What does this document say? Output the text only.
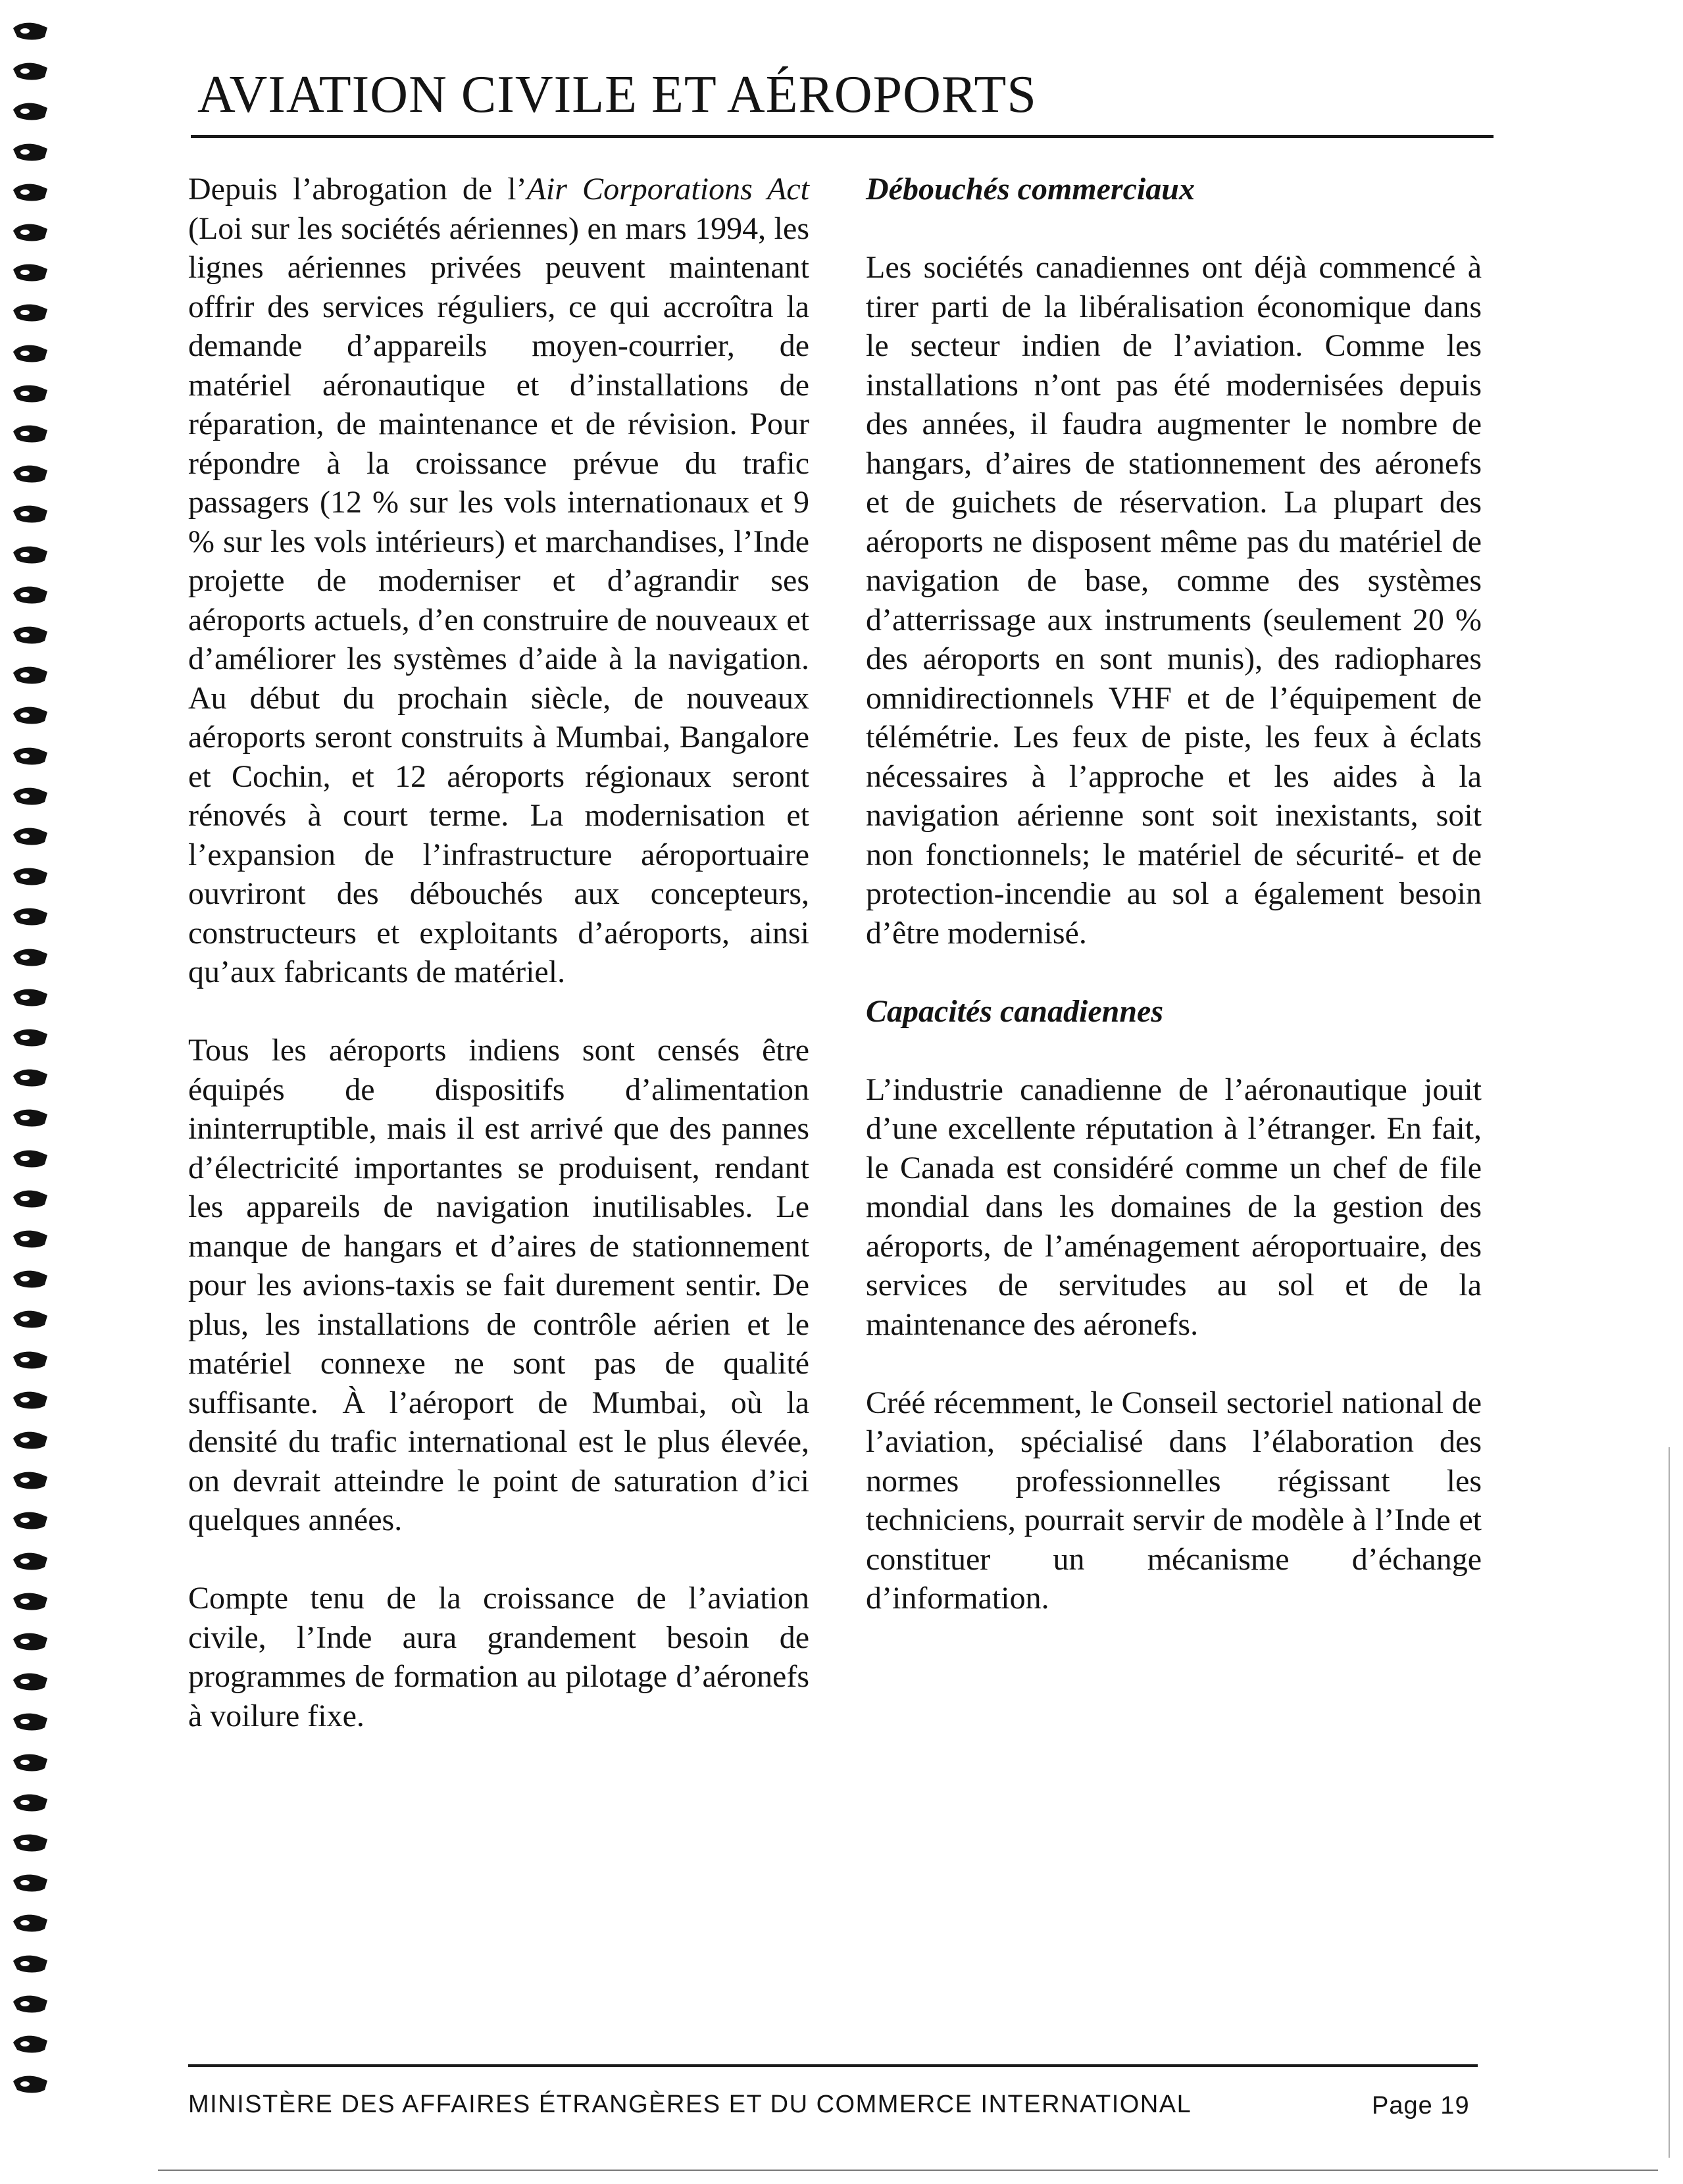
AVIATION CIVILE ET AÉROPORTS

Depuis l’abrogation de l’Air Corporations Act (Loi sur les sociétés aériennes) en mars 1994, les lignes aériennes privées peuvent maintenant offrir des services réguliers, ce qui accroîtra la demande d’appareils moyen-courrier, de matériel aéronautique et d’installations de réparation, de maintenance et de révision. Pour répondre à la croissance prévue du trafic passagers (12 % sur les vols internationaux et 9 % sur les vols intérieurs) et marchandises, l’Inde projette de moderniser et d’agrandir ses aéroports actuels, d’en construire de nouveaux et d’améliorer les systèmes d’aide à la navigation. Au début du prochain siècle, de nouveaux aéroports seront construits à Mumbai, Bangalore et Cochin, et 12 aéroports régionaux seront rénovés à court terme. La modernisation et l’expansion de l’infrastructure aéroportuaire ouvriront des débouchés aux concepteurs, constructeurs et exploitants d’aéroports, ainsi qu’aux fabricants de matériel.

Tous les aéroports indiens sont censés être équipés de dispositifs d’alimentation ininterruptible, mais il est arrivé que des pannes d’électricité importantes se produisent, rendant les appareils de navigation inutilisables. Le manque de hangars et d’aires de stationnement pour les avions-taxis se fait durement sentir. De plus, les installations de contrôle aérien et le matériel connexe ne sont pas de qualité suffisante. À l’aéroport de Mumbai, où la densité du trafic international est le plus élevée, on devrait atteindre le point de saturation d’ici quelques années.

Compte tenu de la croissance de l’aviation civile, l’Inde aura grandement besoin de programmes de formation au pilotage d’aéronefs à voilure fixe.

Débouchés commerciaux

Les sociétés canadiennes ont déjà commencé à tirer parti de la libéralisation économique dans le secteur indien de l’aviation. Comme les installations n’ont pas été modernisées depuis des années, il faudra augmenter le nombre de hangars, d’aires de stationnement des aéronefs et de guichets de réservation. La plupart des aéroports ne disposent même pas du matériel de navigation de base, comme des systèmes d’atterrissage aux instruments (seulement 20 % des aéroports en sont munis), des radiophares omnidirectionnels VHF et de l’équipement de télémétrie. Les feux de piste, les feux à éclats nécessaires à l’approche et les aides à la navigation aérienne sont soit inexistants, soit non fonctionnels; le matériel de sécurité- et de protection-incendie au sol a également besoin d’être modernisé.

Capacités canadiennes

L’industrie canadienne de l’aéronautique jouit d’une excellente réputation à l’étranger. En fait, le Canada est considéré comme un chef de file mondial dans les domaines de la gestion des aéroports, de l’aménagement aéroportuaire, des services de servitudes au sol et de la maintenance des aéronefs.

Créé récemment, le Conseil sectoriel national de l’aviation, spécialisé dans l’élaboration des normes professionnelles régissant les techniciens, pourrait servir de modèle à l’Inde et constituer un mécanisme d’échange d’information.

MINISTÈRE DES AFFAIRES ÉTRANGÈRES ET DU COMMERCE INTERNATIONAL	Page 19
